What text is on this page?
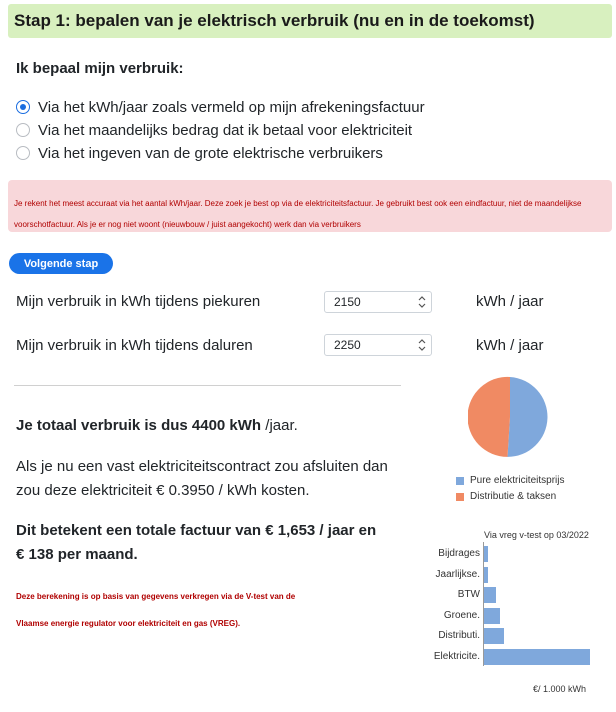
Stap 1: bepalen van je elektrisch verbruik (nu en in de toekomst)
Ik bepaal mijn verbruik:
Via het kWh/jaar zoals vermeld op mijn afrekeningsfactuur
Via het maandelijks bedrag dat ik betaal voor elektriciteit
Via het ingeven van de grote elektrische verbruikers
Je rekent het meest accuraat via het aantal kWh/jaar. Deze zoek je best op via de elektriciteitsfactuur. Je gebruikt best ook een eindfactuur, niet de maandelijkse voorschotfactuur. Als je er nog niet woont (nieuwbouw / juist aangekocht) werk dan via verbruikers
Volgende stap
Mijn verbruik in kWh tijdens piekuren	2150	kWh / jaar
Mijn verbruik in kWh tijdens daluren	2250	kWh / jaar
Je totaal verbruik is dus 4400 kWh /jaar.
Als je nu een vast elektriciteitscontract zou afsluiten dan zou deze elektriciteit € 0.3950 / kWh kosten.
Dit betekent een totale factuur van € 1,653 / jaar en € 138 per maand.
Deze berekening is op basis van gegevens verkregen via de V-test van de Vlaamse energie regulator voor elektriciteit en gas (VREG).
Pure elektriciteitsprijs
Distributie & taksen
Via vreg v-test op 03/2022
Bijdrages
Jaarlijkse.
BTW
Groene.
Distributi.
Elektricite.
€/ 1.000 kWh
